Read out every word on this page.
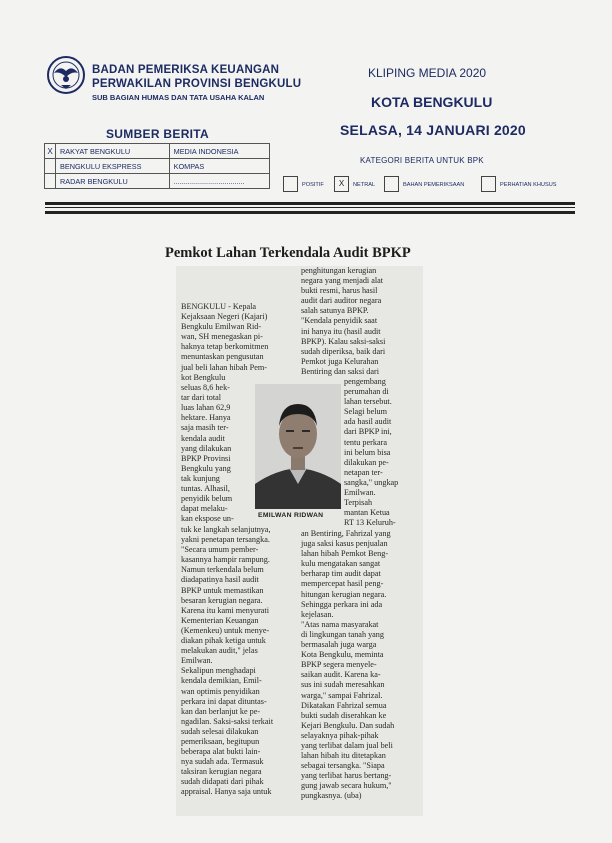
BADAN PEMERIKSA KEUANGAN
PERWAKILAN PROVINSI BENGKULU
SUB BAGIAN HUMAS DAN TATA USAHA KALAN
KLIPING MEDIA 2020
KOTA BENGKULU
SELASA, 14 JANUARI 2020
SUMBER BERITA
X	RAKYAT BENGKULU	MEDIA INDONESIA
	BENGKULU EKSPRESS	KOMPAS
	RADAR BENGKULU	...................................
KATEGORI BERITA UNTUK BPK
POSITIF	X	NETRAL	BAHAN PEMERIKSAAN	PERHATIAN KHUSUS
Pemkot Lahan Terkendala Audit BPKP

BENGKULU - Kepala

Kejaksaan Negeri (Kajari)

Bengkulu Emilwan Rid-

wan, SH menegaskan pi-

haknya tetap berkomitmen

menuntaskan pengusutan

jual beli lahan hibah Pem-

kot Bengkulu

seluas 8,6 hek-

tar dari total

luas lahan 62,9

hektare. Hanya

saja masih ter-

kendala audit

yang dilakukan

BPKP Provinsi

Bengkulu yang

tak kunjung

tuntas. Alhasil,

penyidik belum

dapat melaku-

kan ekspose un-

tuk ke langkah selanjutnya,

yakni penetapan tersangka.

"Secara umum pember-

kasannya hampir rampung.

Namun terkendala belum

diadapatinya hasil audit

BPKP untuk memastikan

besaran kerugian negara.

Karena itu kami menyurati

Kementerian Keuangan

(Kemenkeu) untuk menye-

diakan pihak ketiga untuk

melakukan audit," jelas

Emilwan.

Sekalipun menghadapi

kendala demikian, Emil-

wan optimis penyidikan

perkara ini dapat dituntas-

kan dan berlanjut ke pe-

ngadilan. Saksi-saksi terkait

sudah selesai dilakukan

pemeriksaan, begitupun

beberapa alat bukti lain-

nya sudah ada. Termasuk

taksiran kerugian negara

sudah didapati dari pihak

appraisal. Hanya saja untuk

penghitungan kerugian

negara yang menjadi alat

bukti resmi, harus hasil

audit dari auditor negara

salah satunya BPKP.

"Kendala penyidik saat

ini hanya itu (hasil audit

BPKP). Kalau saksi-saksi

sudah diperiksa, baik dari

Pemkot juga Kelurahan

Bentiring dan saksi dari

pengembang

perumahan di

lahan tersebut.

Selagi belum

ada hasil audit

dari BPKP ini,

tentu perkara

ini belum bisa

dilakukan pe-

netapan ter-

sangka," ungkap

Emilwan.

Terpisah

mantan Ketua

RT 13 Keluruh-

an Bentiring, Fahrizal yang

juga saksi kasus penjualan

lahan hibah Pemkot Beng-

kulu mengatakan sangat

berharap tim audit dapat

mempercepat hasil peng-

hitungan kerugian negara.

Sehingga perkara ini ada

kejelasan.

"Atas nama masyarakat

di lingkungan tanah yang

bermasalah juga warga

Kota Bengkulu, meminta

BPKP segera menyele-

saikan audit. Karena ka-

sus ini sudah meresahkan

warga," sampai Fahrizal.

Dikatakan Fahrizal semua

bukti sudah diserahkan ke

Kejari Bengkulu. Dan sudah

selayaknya pihak-pihak

yang terlibat dalam jual beli

lahan hibah itu ditetapkan

sebagai tersangka. "Siapa

yang terlibat harus bertang-

gung jawab secara hukum,"

pungkasnya. (uba)

EMILWAN RIDWAN
